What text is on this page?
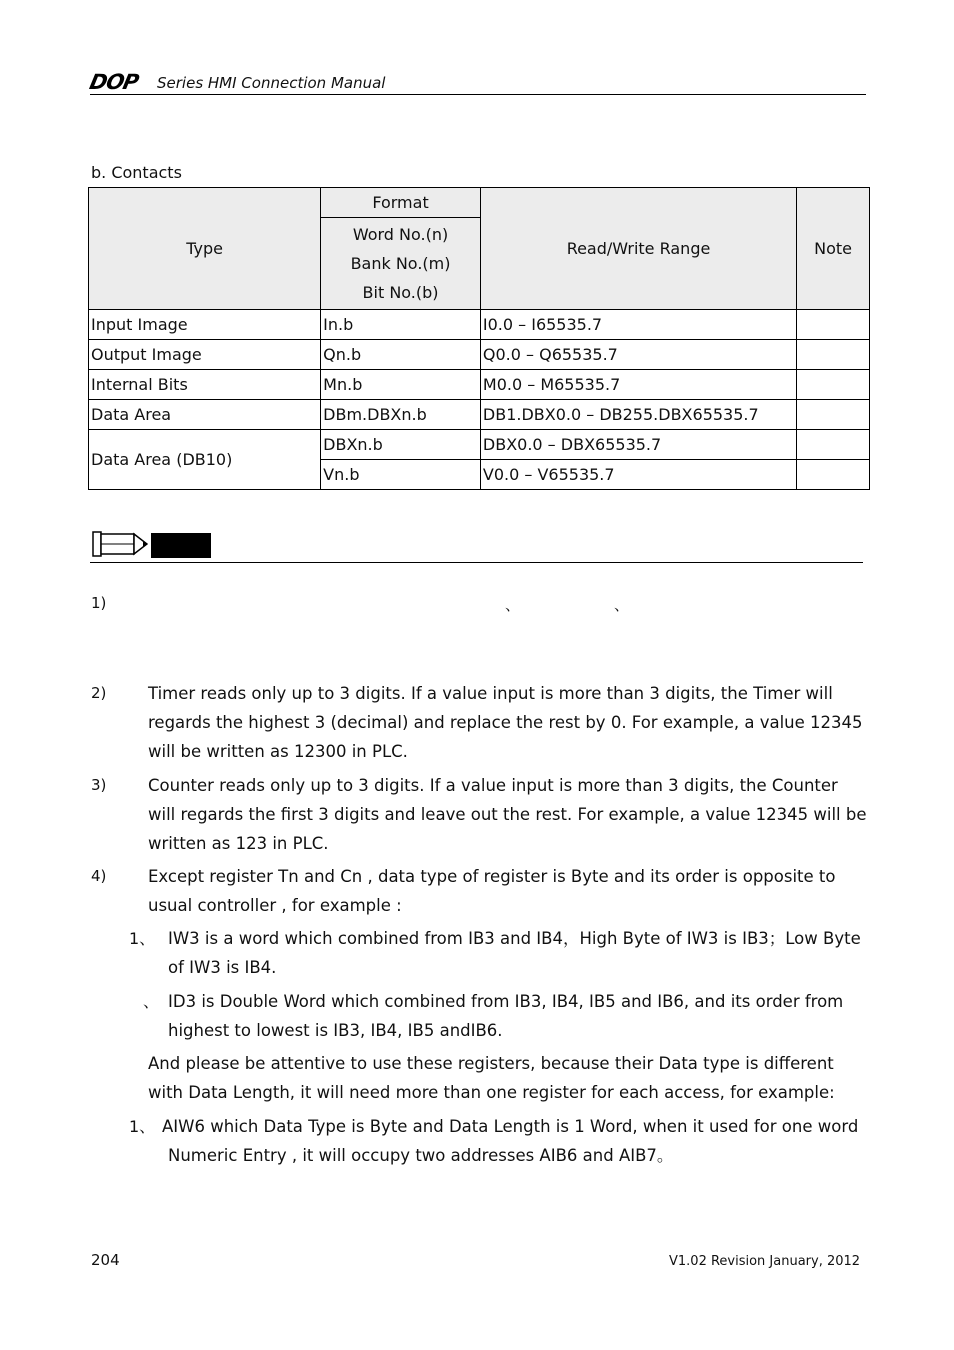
DOP Series HMI Connection Manual
b. Contacts
Type	Format	Read/Write Range	Note

	Word No.(n)
Bank No.(m)
Bit No.(b)		

Input Image	In.b	I0.0 – I65535.7	
Output Image	Qn.b	Q0.0 – Q65535.7	
Internal Bits	Mn.b	M0.0 – M65535.7	
Data Area	DBm.DBXn.b	DB1.DBX0.0 – DB255.DBX65535.7	
Data Area (DB10)	DBXn.b	DBX0.0 – DBX65535.7	
	Vn.b	V0.0 – V65535.7	
1)	、	、
2)	Timer reads only up to 3 digits. If a value input is more than 3 digits, the Timer will regards the highest 3 (decimal) and replace the rest by 0. For example, a value 12345 will be written as 12300 in PLC.
3)	Counter reads only up to 3 digits. If a value input is more than 3 digits, the Counter will regards the first 3 digits and leave out the rest. For example, a value 12345 will be written as 123 in PLC.
4)	Except register Tn and Cn , data type of register is Byte and its order is opposite to usual controller , for example :
1、 IW3 is a word which combined from IB3 and IB4，High Byte of IW3 is IB3；Low Byte of IW3 is IB4.
、 ID3 is Double Word which combined from IB3, IB4, IB5 and IB6, and its order from highest to lowest is IB3, IB4, IB5 andIB6.
And please be attentive to use these registers, because their Data type is different with Data Length, it will need more than one register for each access, for example:
1、 AIW6 which Data Type is Byte and Data Length is 1 Word, when it used for one word
Numeric Entry , it will occupy two addresses AIB6 and AIB7。
204	V1.02 Revision January, 2012
